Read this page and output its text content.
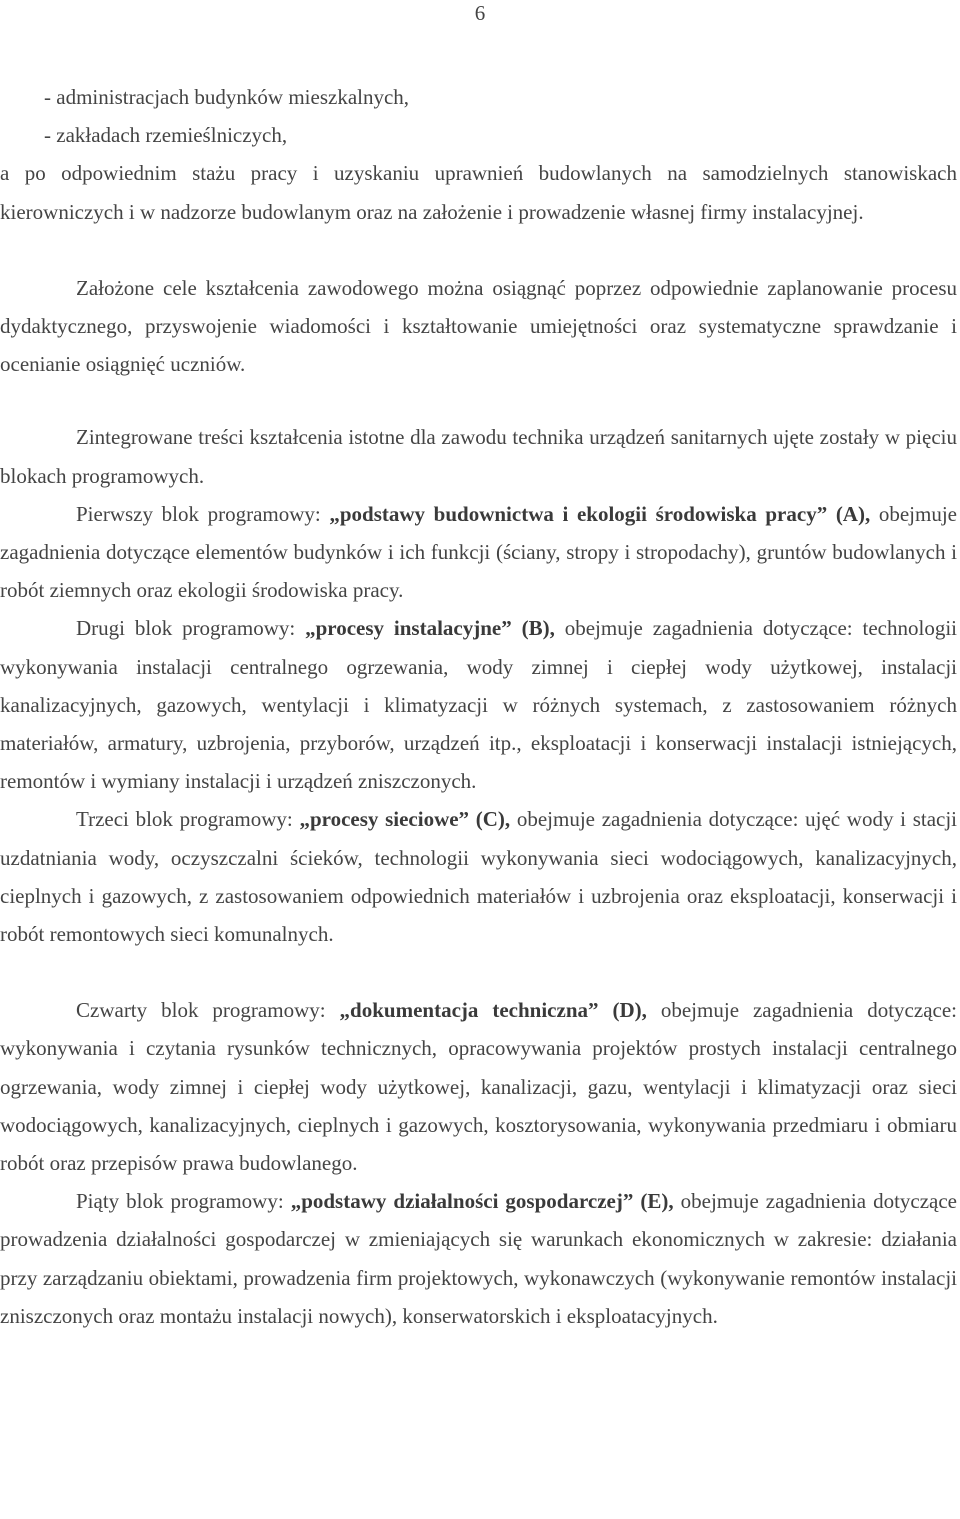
6

- administracjach budynków mieszkalnych,

- zakładach rzemieślniczych,

a po odpowiednim stażu pracy i uzyskaniu uprawnień budowlanych na samodzielnych stanowiskach kierowniczych i w nadzorze budowlanym oraz na założenie i prowadzenie własnej firmy instalacyjnej.

Założone cele kształcenia zawodowego można osiągnąć poprzez odpowiednie zaplanowanie procesu dydaktycznego, przyswojenie wiadomości i kształtowanie umiejętności oraz systematyczne sprawdzanie i ocenianie osiągnięć uczniów.

Zintegrowane treści kształcenia istotne dla zawodu technika urządzeń sanitarnych ujęte zostały w pięciu blokach programowych.

Pierwszy blok programowy: „podstawy budownictwa i ekologii środowiska pracy” (A), obejmuje zagadnienia dotyczące elementów budynków i ich funkcji (ściany, stropy i stropodachy), gruntów budowlanych i robót ziemnych oraz ekologii środowiska pracy.

Drugi blok programowy: „procesy instalacyjne” (B), obejmuje zagadnienia dotyczące: technologii wykonywania instalacji centralnego ogrzewania, wody zimnej i ciepłej wody użytkowej, instalacji kanalizacyjnych, gazowych, wentylacji i klimatyzacji w różnych systemach, z zastosowaniem różnych materiałów, armatury, uzbrojenia, przyborów, urządzeń itp., eksploatacji i konserwacji instalacji istniejących, remontów i wymiany instalacji i urządzeń zniszczonych.

Trzeci blok programowy: „procesy sieciowe” (C), obejmuje zagadnienia dotyczące: ujęć wody i stacji uzdatniania wody, oczyszczalni ścieków, technologii wykonywania sieci wodociągowych, kanalizacyjnych, cieplnych i gazowych, z zastosowaniem odpowiednich materiałów i uzbrojenia oraz eksploatacji, konserwacji i robót remontowych sieci komunalnych.

Czwarty blok programowy: „dokumentacja techniczna” (D), obejmuje zagadnienia dotyczące: wykonywania i czytania rysunków technicznych, opracowywania projektów prostych instalacji centralnego ogrzewania, wody zimnej i ciepłej wody użytkowej, kanalizacji, gazu, wentylacji i klimatyzacji oraz sieci wodociągowych, kanalizacyjnych, cieplnych i gazowych, kosztorysowania, wykonywania przedmiaru i obmiaru robót oraz przepisów prawa budowlanego.

Piąty blok programowy: „podstawy działalności gospodarczej” (E), obejmuje zagadnienia dotyczące prowadzenia działalności gospodarczej w zmieniających się warunkach ekonomicznych w zakresie: działania przy zarządzaniu obiektami, prowadzenia firm projektowych, wykonawczych (wykonywanie remontów instalacji zniszczonych oraz montażu instalacji nowych), konserwatorskich i eksploatacyjnych.
